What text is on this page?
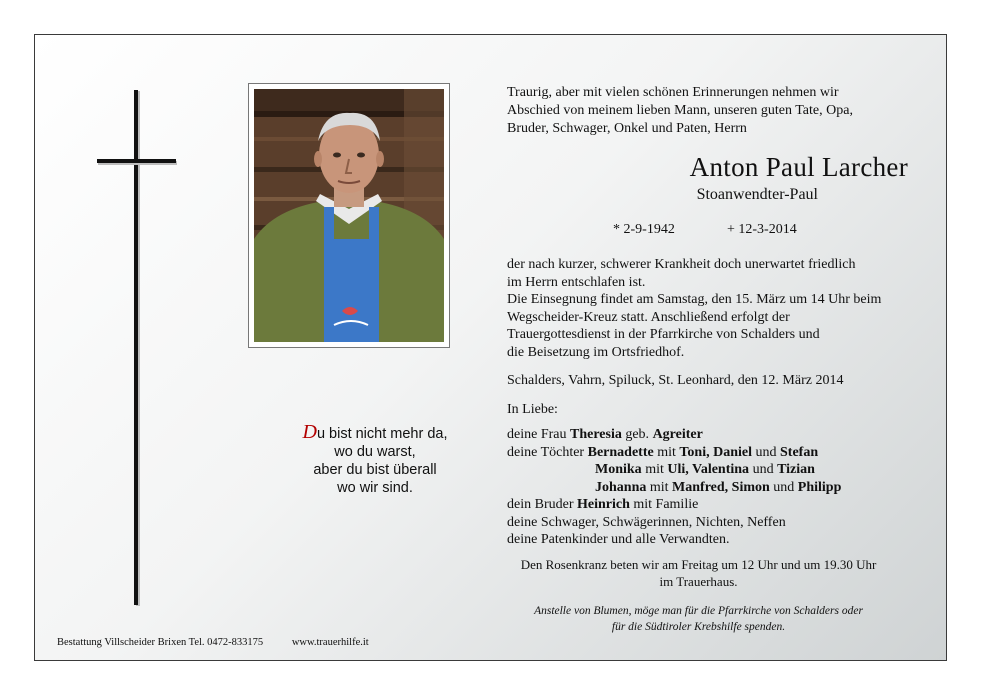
Du bist nicht mehr da,
wo du warst,
aber du bist überall
wo wir sind.
Traurig, aber mit vielen schönen Erinnerungen nehmen wir
Abschied von meinem lieben Mann, unseren guten Tate, Opa,
Bruder, Schwager, Onkel und Paten, Herrn
Anton Paul Larcher
Stoanwendter-Paul
* 2-9-1942	+ 12-3-2014
der nach kurzer, schwerer Krankheit doch unerwartet friedlich
im Herrn entschlafen ist.
Die Einsegnung findet am Samstag, den 15. März um 14 Uhr beim
Wegscheider-Kreuz statt. Anschließend erfolgt der
Trauergottesdienst in der Pfarrkirche von Schalders und
die Beisetzung im Ortsfriedhof.
Schalders, Vahrn, Spiluck, St. Leonhard, den 12. März 2014
In Liebe:
deine Frau Theresia geb. Agreiter
deine Töchter Bernadette mit Toni, Daniel und Stefan
Monika mit Uli, Valentina und Tizian
Johanna mit Manfred, Simon und Philipp
dein Bruder Heinrich mit Familie
deine Schwager, Schwägerinnen, Nichten, Neffen
deine Patenkinder und alle Verwandten.
Den Rosenkranz beten wir am Freitag um 12 Uhr und um 19.30 Uhr
im Trauerhaus.
Anstelle von Blumen, möge man für die Pfarrkirche von Schalders oder
für die Südtiroler Krebshilfe spenden.
Bestattung Villscheider Brixen Tel. 0472-833175	www.trauerhilfe.it
